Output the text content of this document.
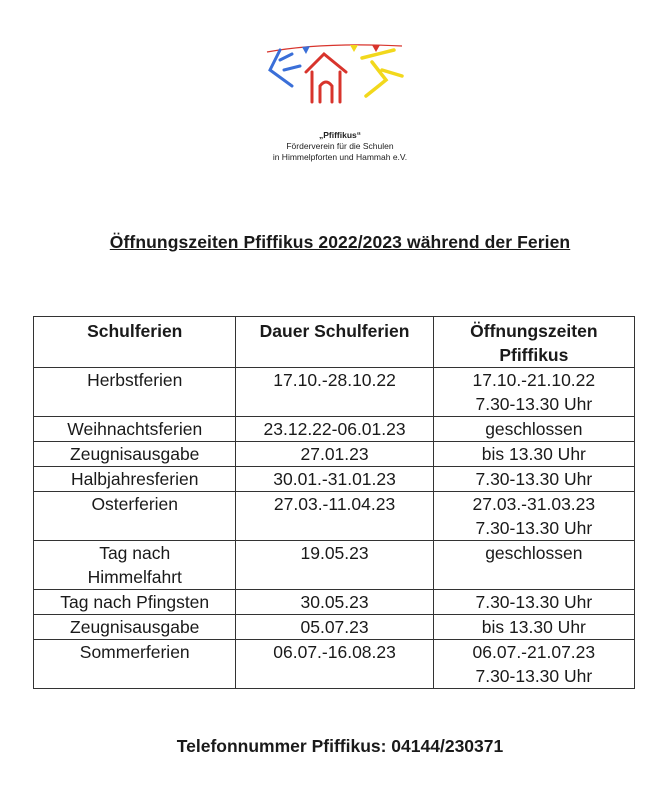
„Pfiffikus“
Förderverein für die Schulen
in Himmelpforten und Hammah e.V.
Öffnungszeiten Pfiffikus 2022/2023 während der Ferien
Schulferien	Dauer Schulferien	Öffnungszeiten Pfiffikus
Herbstferien	17.10.-28.10.22	17.10.-21.10.22
7.30-13.30 Uhr
Weihnachtsferien	23.12.22-06.01.23	geschlossen
Zeugnisausgabe	27.01.23	bis 13.30 Uhr
Halbjahresferien	30.01.-31.01.23	7.30-13.30 Uhr
Osterferien	27.03.-11.04.23	27.03.-31.03.23
7.30-13.30 Uhr
Tag nach Himmelfahrt	19.05.23	geschlossen
Tag nach Pfingsten	30.05.23	7.30-13.30 Uhr
Zeugnisausgabe	05.07.23	bis 13.30 Uhr
Sommerferien	06.07.-16.08.23	06.07.-21.07.23
7.30-13.30 Uhr
Telefonnummer Pfiffikus: 04144/230371
